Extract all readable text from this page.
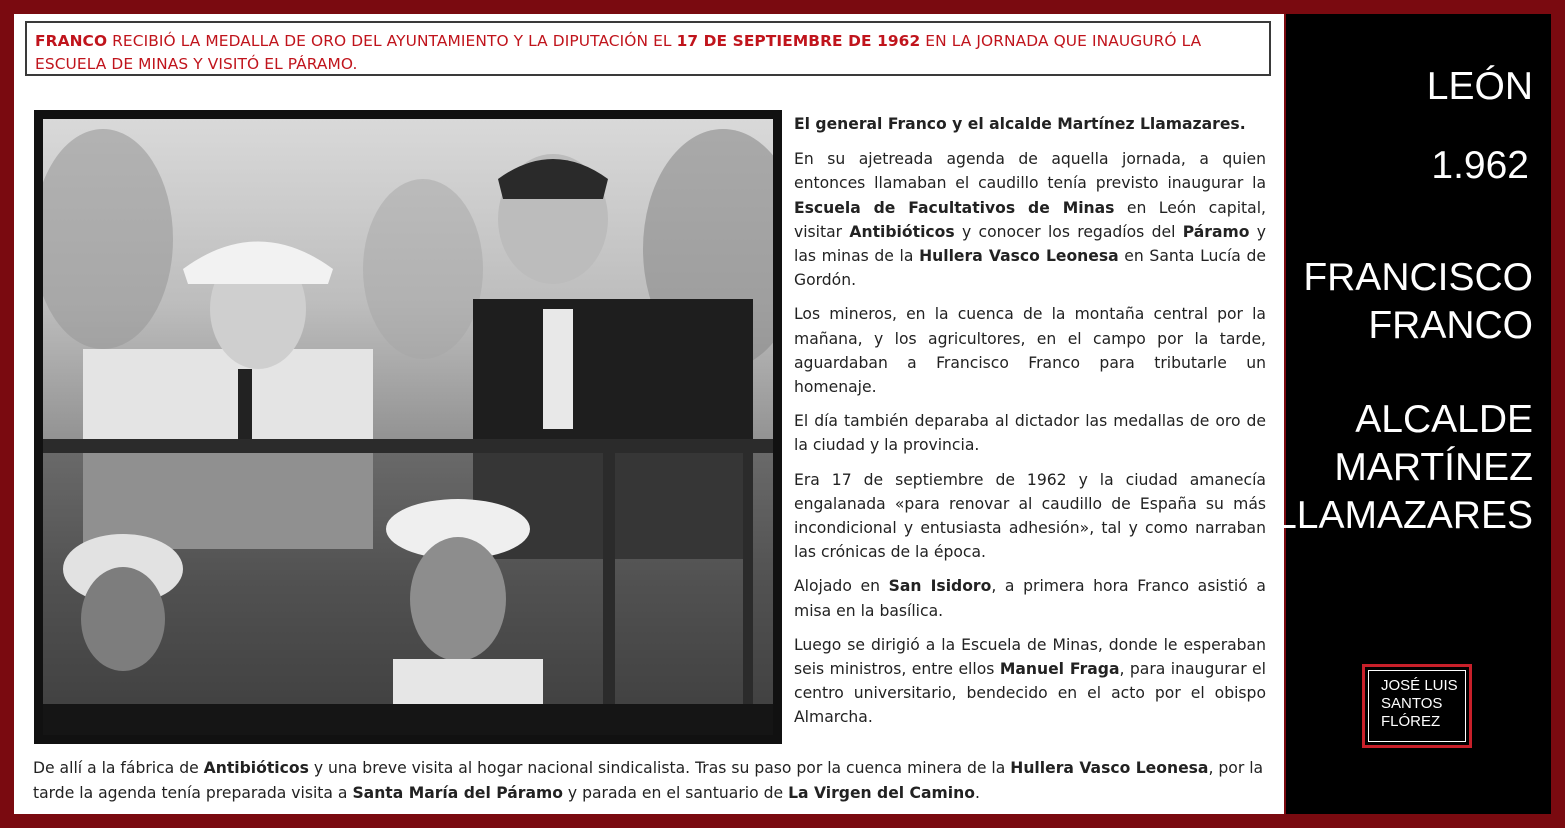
FRANCO RECIBIÓ LA MEDALLA DE ORO DEL AYUNTAMIENTO Y LA DIPUTACIÓN EL 17 DE SEPTIEMBRE DE 1962 EN LA JORNADA QUE INAUGURÓ LA ESCUELA DE MINAS Y VISITÓ EL PÁRAMO.

El general Franco y el alcalde Martínez Llamazares.

En su ajetreada agenda de aquella jornada, a quien entonces llamaban el caudillo tenía previsto inaugurar la Escuela de Facultativos de Minas en León capital, visitar Antibióticos y conocer los regadíos del Páramo y las minas de la Hullera Vasco Leonesa en Santa Lucía de Gordón.

Los mineros, en la cuenca de la montaña central por la mañana, y los agricultores, en el campo por la tarde, aguardaban a Francisco Franco para tributarle un homenaje.

El día también deparaba al dictador las medallas de oro de la ciudad y la provincia.

Era 17 de septiembre de 1962 y la ciudad amanecía engalanada «para renovar al caudillo de España su más incondicional y entusiasta adhesión», tal y como narraban las crónicas de la época.

Alojado en San Isidoro, a primera hora Franco asistió a misa en la basílica.

Luego se dirigió a la Escuela de Minas, donde le esperaban seis ministros, entre ellos Manuel Fraga, para inaugurar el centro universitario, bendecido en el acto por el obispo Almarcha.

De allí a la fábrica de Antibióticos y una breve visita al hogar nacional sindicalista. Tras su paso por la cuenca minera de la Hullera Vasco Leonesa, por la tarde la agenda tenía preparada visita a Santa María del Páramo y parada en el santuario de La Virgen del Camino.
LEÓN
1.962
FRANCISCO
FRANCO
ALCALDE
MARTÍNEZ
LLAMAZARES
JOSÉ LUIS
SANTOS
FLÓREZ
